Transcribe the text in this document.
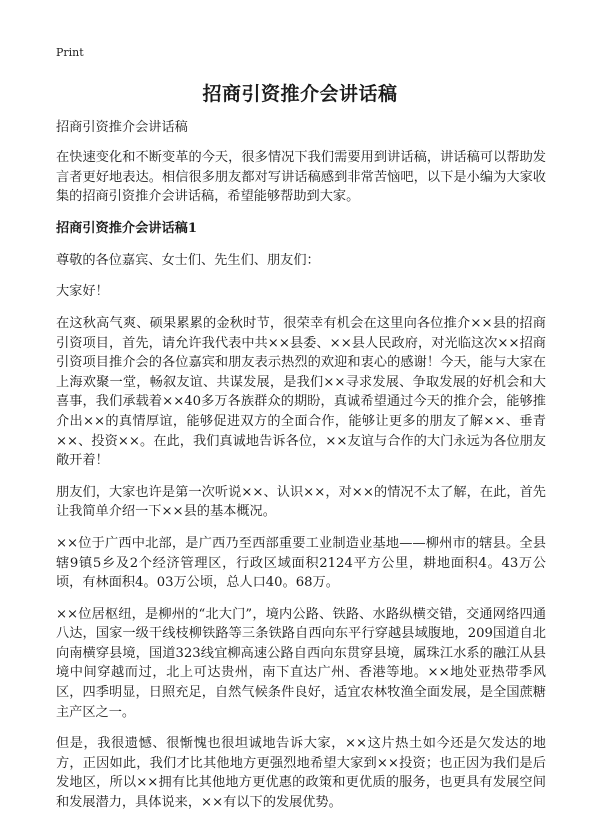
Print
招商引资推介会讲话稿
招商引资推介会讲话稿

在快速变化和不断变革的今天，很多情况下我们需要用到讲话稿，讲话稿可以帮助发言者更好地表达。相信很多朋友都对写讲话稿感到非常苦恼吧，以下是小编为大家收集的招商引资推介会讲话稿，希望能够帮助到大家。

招商引资推介会讲话稿1

尊敬的各位嘉宾、女士们、先生们、朋友们：

大家好！

在这秋高气爽、硕果累累的金秋时节，很荣幸有机会在这里向各位推介××县的招商引资项目，首先，请允许我代表中共××县委、××县人民政府，对光临这次××招商引资项目推介会的各位嘉宾和朋友表示热烈的欢迎和衷心的感谢！今天，能与大家在上海欢聚一堂，畅叙友谊、共谋发展，是我们××寻求发展、争取发展的好机会和大喜事，我们承载着××40多万各族群众的期盼，真诚希望通过今天的推介会，能够推介出××的真情厚谊，能够促进双方的全面合作，能够让更多的朋友了解××、垂青××、投资××。在此，我们真诚地告诉各位，××友谊与合作的大门永远为各位朋友敞开着！

朋友们，大家也许是第一次听说××、认识××，对××的情况不太了解，在此，首先让我简单介绍一下××县的基本概况。

××位于广西中北部，是广西乃至西部重要工业制造业基地——柳州市的辖县。全县辖9镇5乡及2个经济管理区，行政区域面积2124平方公里，耕地面积4。43万公顷，有林面积4。03万公顷，总人口40。68万。

××位居枢纽，是柳州的“北大门”，境内公路、铁路、水路纵横交错，交通网络四通八达，国家一级干线枝柳铁路等三条铁路自西向东平行穿越县域腹地，209国道自北向南横穿县境，国道323线宜柳高速公路自西向东贯穿县境，属珠江水系的融江从县境中间穿越而过，北上可达贵州，南下直达广州、香港等地。××地处亚热带季风区，四季明显，日照充足，自然气候条件良好，适宜农林牧渔全面发展，是全国蔗糖主产区之一。

但是，我很遗憾、很惭愧也很坦诚地告诉大家，××这片热土如今还是欠发达的地方，正因如此，我们才比其他地方更强烈地希望大家到××投资；也正因为我们是后发地区，所以××拥有比其他地方更优惠的政策和更优质的服务，也更具有发展空间和发展潜力，具体说来，××有以下的发展优势。
